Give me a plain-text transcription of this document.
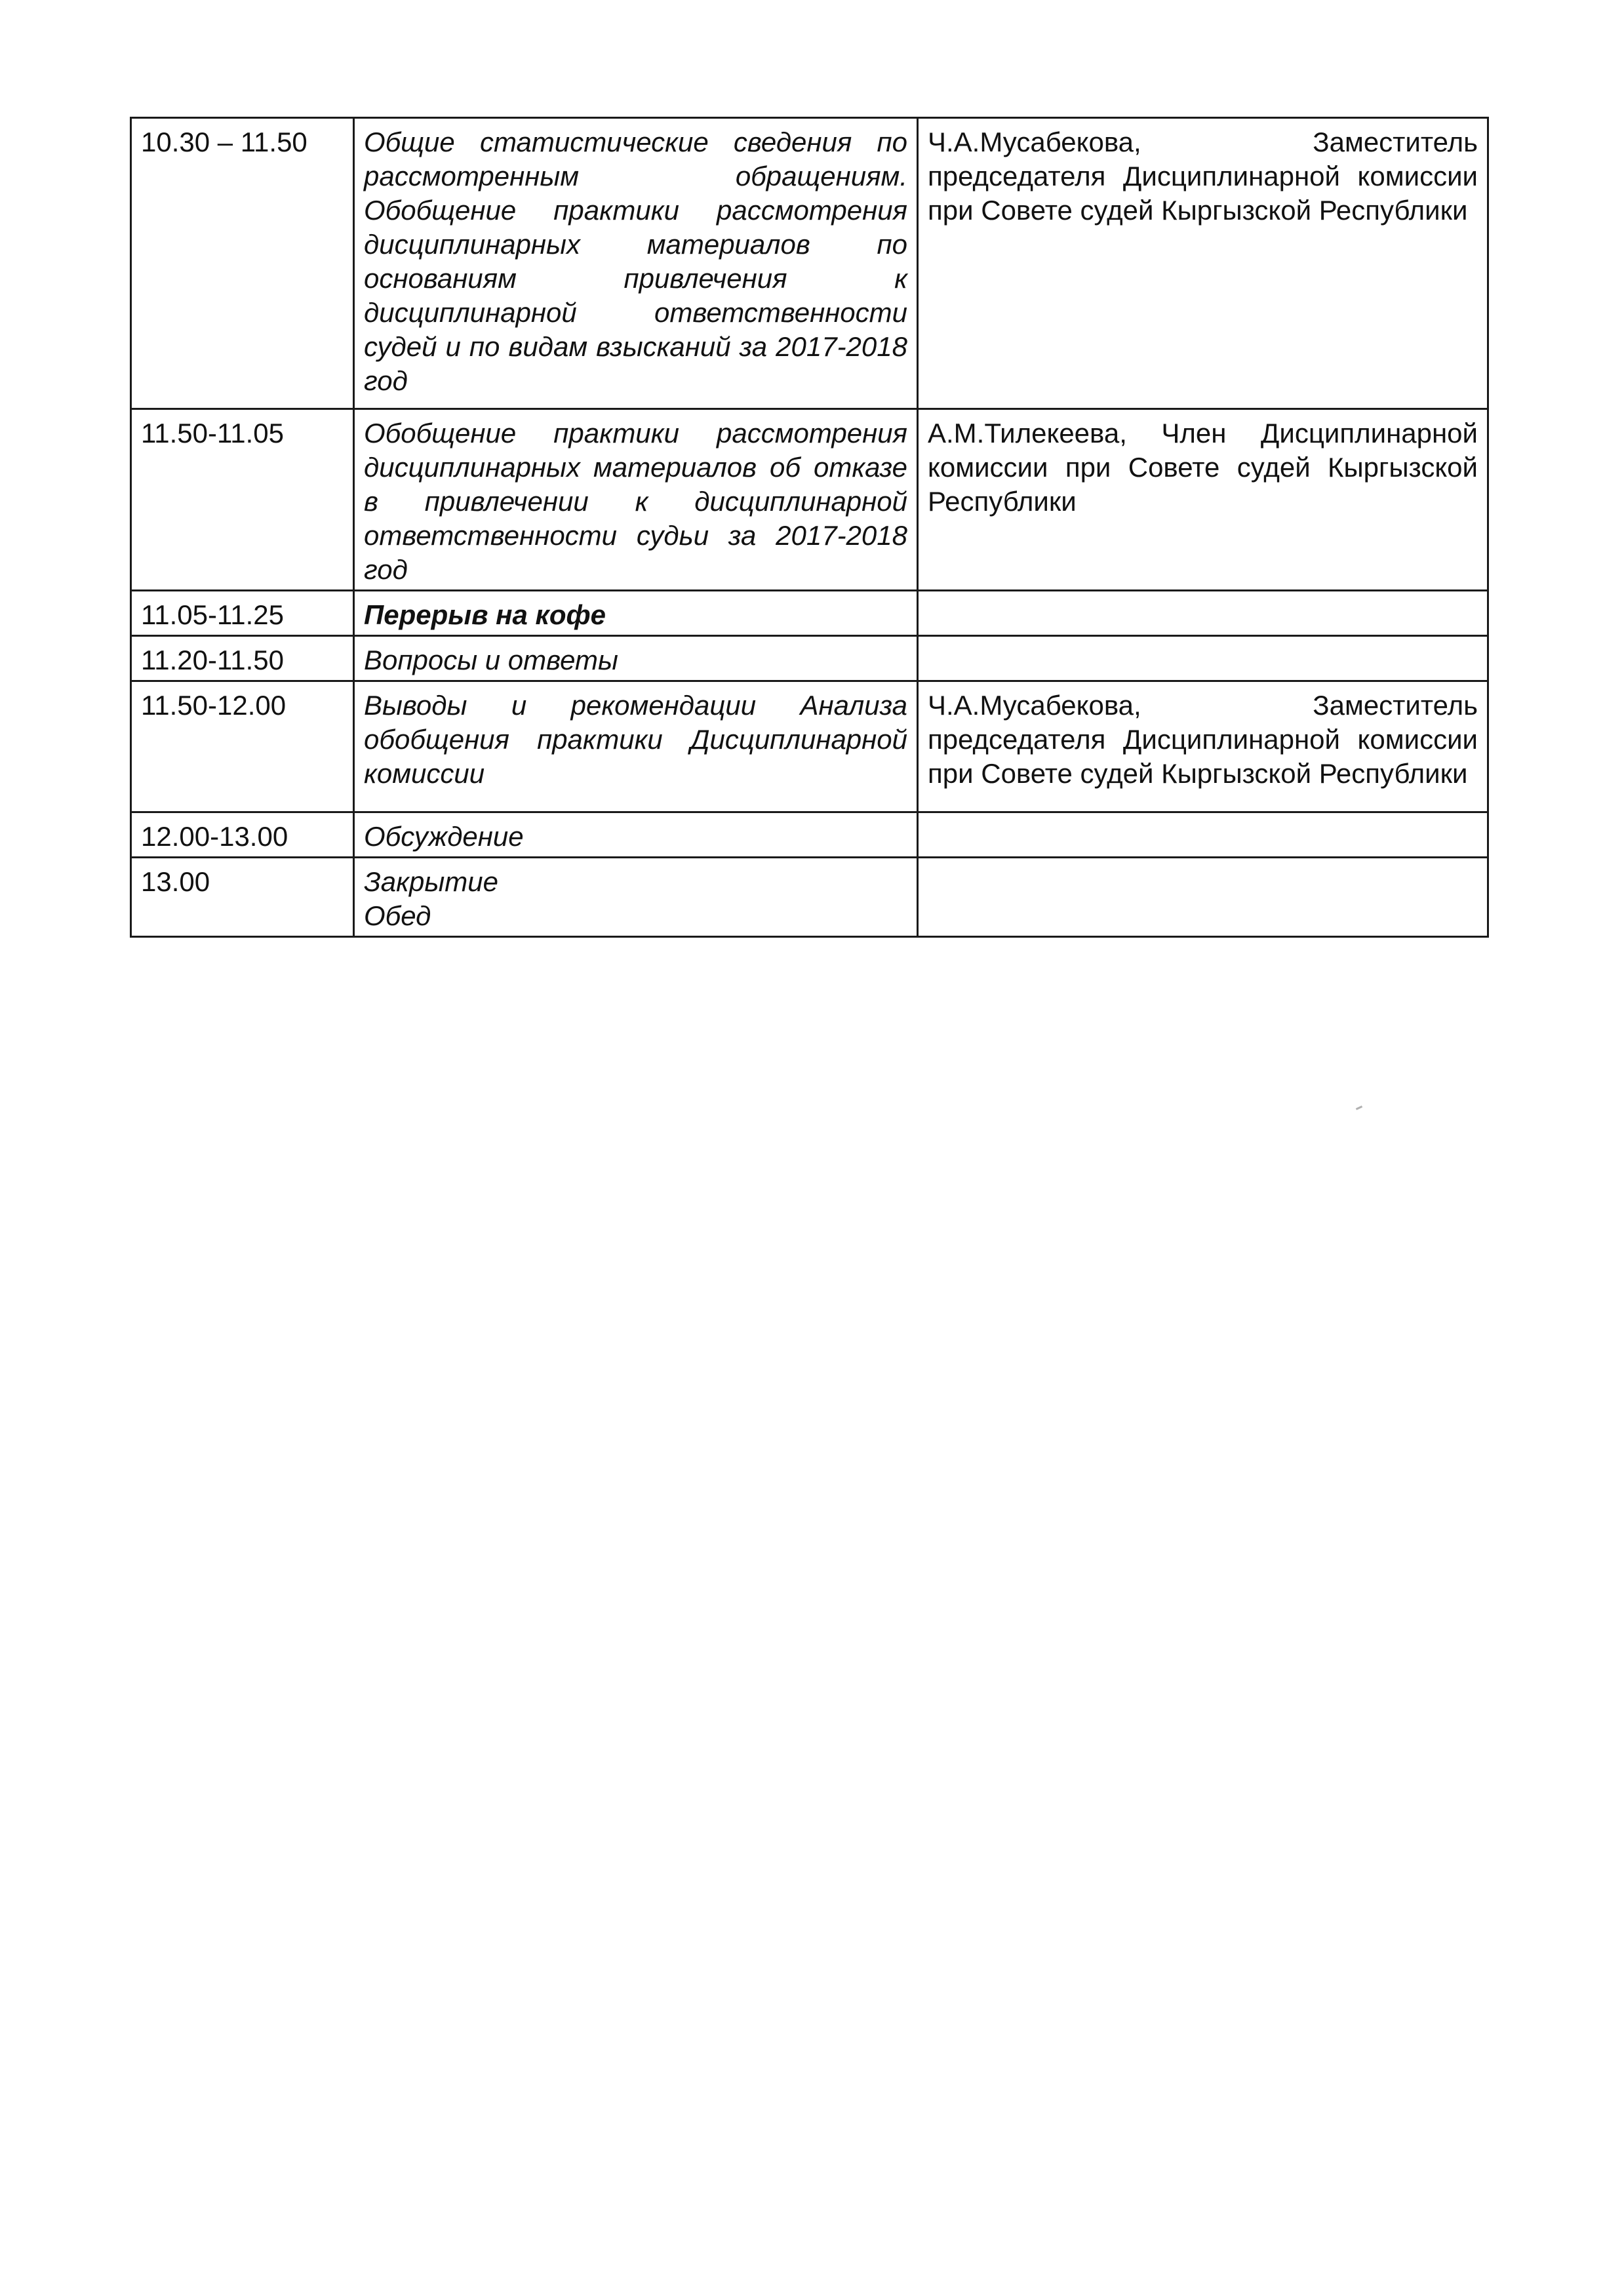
10.30 – 11.50	Общие статистические сведения по рассмотренным обращениям. Обобщение практики рассмотрения дисциплинарных материалов по основаниям привлечения к дисциплинарной ответственности судей и по видам взысканий за 2017-2018 год	Ч.А.Мусабекова, Заместитель председателя Дисциплинарной комиссии при Совете судей Кыргызской Республики
11.50-11.05	Обобщение практики рассмотрения дисциплинарных материалов об отказе в привлечении к дисциплинарной ответственности судьи за 2017-2018 год	А.М.Тилекеева, Член Дисциплинарной комиссии при Совете судей Кыргызской Республики
11.05-11.25	Перерыв на кофе	
11.20-11.50	Вопросы и ответы	
11.50-12.00	Выводы и рекомендации Анализа обобщения практики Дисциплинарной комиссии	Ч.А.Мусабекова, Заместитель председателя Дисциплинарной комиссии при Совете судей Кыргызской Республики
12.00-13.00	Обсуждение	
13.00	Закрытие
Обед	
